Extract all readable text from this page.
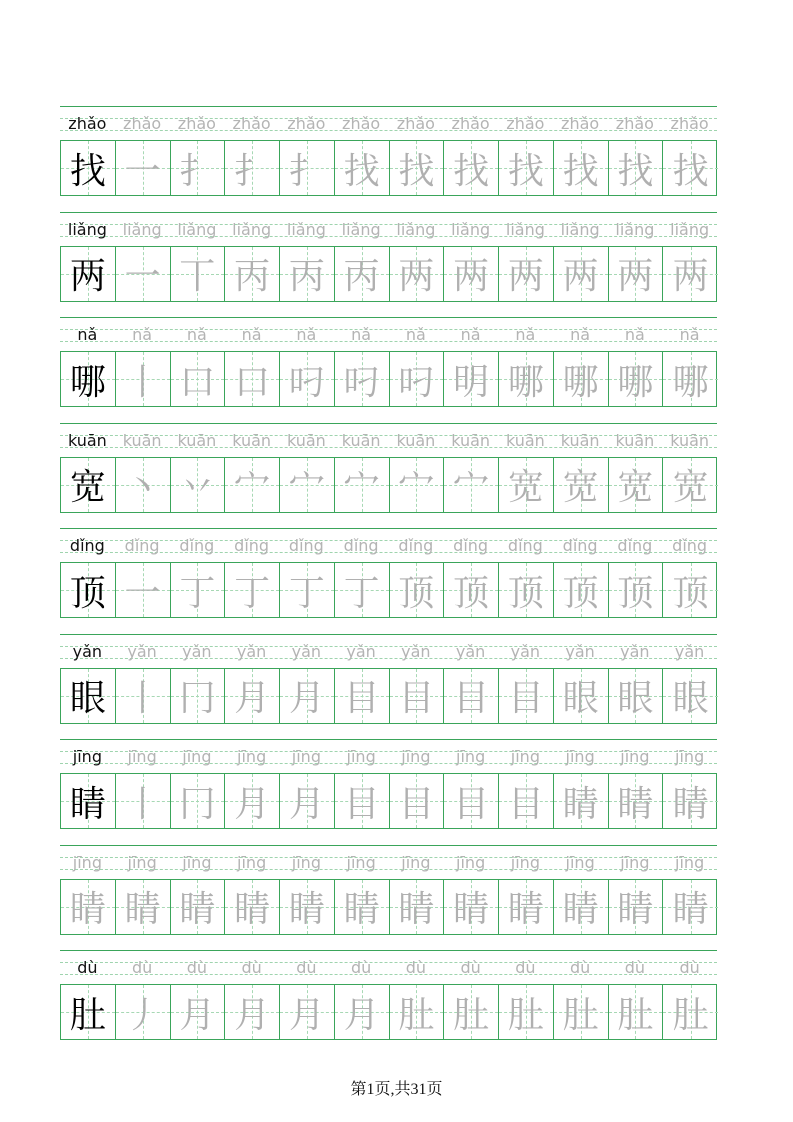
zhǎo	zhǎo	zhǎo	zhǎo	zhǎo	zhǎo	zhǎo	zhǎo	zhǎo	zhǎo	zhǎo	zhǎo
找 一 扌 扌 扌 找 找 找 找 找 找 找
liǎng liǎng liǎng liǎng liǎng liǎng liǎng liǎng liǎng liǎng liǎng liǎng
两 一 丅 丙 丙 丙 两 两 两 两 两 两
nǎ	nǎ	nǎ	nǎ	nǎ	nǎ	nǎ	nǎ	nǎ	nǎ	nǎ	nǎ
哪 丨 口 口 叼 叼 叼 明 哪 哪 哪 哪
kuān kuān kuān kuān kuān kuān kuān kuān kuān kuān kuān kuān
宽 丶 丷 宀 宀 宀 宀 宀 宽 宽 宽 宽
dǐng	dǐng	dǐng	dǐng	dǐng	dǐng	dǐng	dǐng	dǐng	dǐng	dǐng	dǐng
顶 一 丁 丁 丁 丁 顶 顶 顶 顶 顶 顶
yǎn	yǎn	yǎn	yǎn	yǎn	yǎn	yǎn	yǎn	yǎn	yǎn	yǎn	yǎn
眼 丨 冂 月 月 目 目 目 目 眼 眼 眼
jīng	jīng	jīng	jīng	jīng	jīng	jīng	jīng	jīng	jīng	jīng	jīng
睛 丨 冂 月 月 目 目 目 目 睛 睛 睛
jīng	jīng	jīng	jīng	jīng	jīng	jīng	jīng	jīng	jīng	jīng	jīng
睛 睛 睛 睛 睛 睛 睛 睛 睛 睛 睛 睛
dù	dù	dù	dù	dù	dù	dù	dù	dù	dù	dù	dù
肚 丿 月 月 月 月 肚 肚 肚 肚 肚 肚
第1页,共31页
